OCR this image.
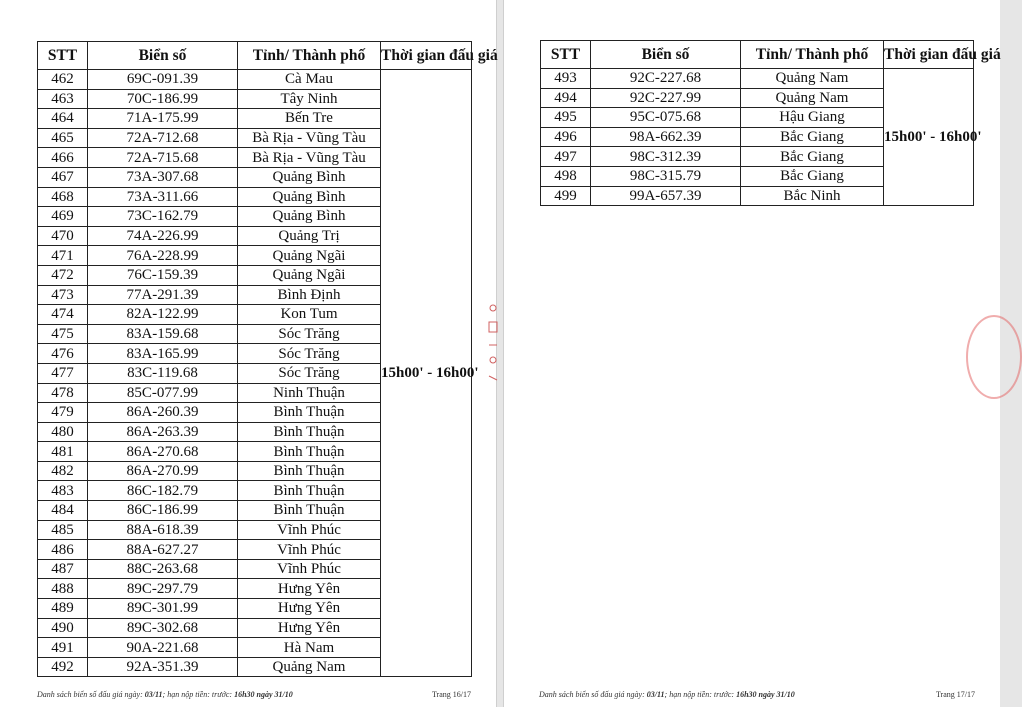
STT	Biển số	Tỉnh/ Thành phố	Thời gian đấu giá
462	69C-091.39	Cà Mau	15h00' - 16h00'
463	70C-186.99	Tây Ninh	
464	71A-175.99	Bến Tre	
465	72A-712.68	Bà Rịa - Vũng Tàu	
466	72A-715.68	Bà Rịa - Vũng Tàu	
467	73A-307.68	Quảng Bình	
468	73A-311.66	Quảng Bình	
469	73C-162.79	Quảng Bình	
470	74A-226.99	Quảng Trị	
471	76A-228.99	Quảng Ngãi	
472	76C-159.39	Quảng Ngãi	
473	77A-291.39	Bình Định	
474	82A-122.99	Kon Tum	
475	83A-159.68	Sóc Trăng	
476	83A-165.99	Sóc Trăng	
477	83C-119.68	Sóc Trăng	
478	85C-077.99	Ninh Thuận	
479	86A-260.39	Bình Thuận	
480	86A-263.39	Bình Thuận	
481	86A-270.68	Bình Thuận	
482	86A-270.99	Bình Thuận	
483	86C-182.79	Bình Thuận	
484	86C-186.99	Bình Thuận	
485	88A-618.39	Vĩnh Phúc	
486	88A-627.27	Vĩnh Phúc	
487	88C-263.68	Vĩnh Phúc	
488	89C-297.79	Hưng Yên	
489	89C-301.99	Hưng Yên	
490	89C-302.68	Hưng Yên	
491	90A-221.68	Hà Nam	
492	92A-351.39	Quảng Nam	
Danh sách biển số đấu giá ngày: 03/11; hạn nộp tiền: trước: 16h30 ngày 31/10	Trang 16/17
STT	Biển số	Tỉnh/ Thành phố	Thời gian đấu giá
493	92C-227.68	Quảng Nam	15h00' - 16h00'
494	92C-227.99	Quảng Nam	
495	95C-075.68	Hậu Giang	
496	98A-662.39	Bắc Giang	
497	98C-312.39	Bắc Giang	
498	98C-315.79	Bắc Giang	
499	99A-657.39	Bắc Ninh	
Danh sách biển số đấu giá ngày: 03/11; hạn nộp tiền: trước: 16h30 ngày 31/10	Trang 17/17
